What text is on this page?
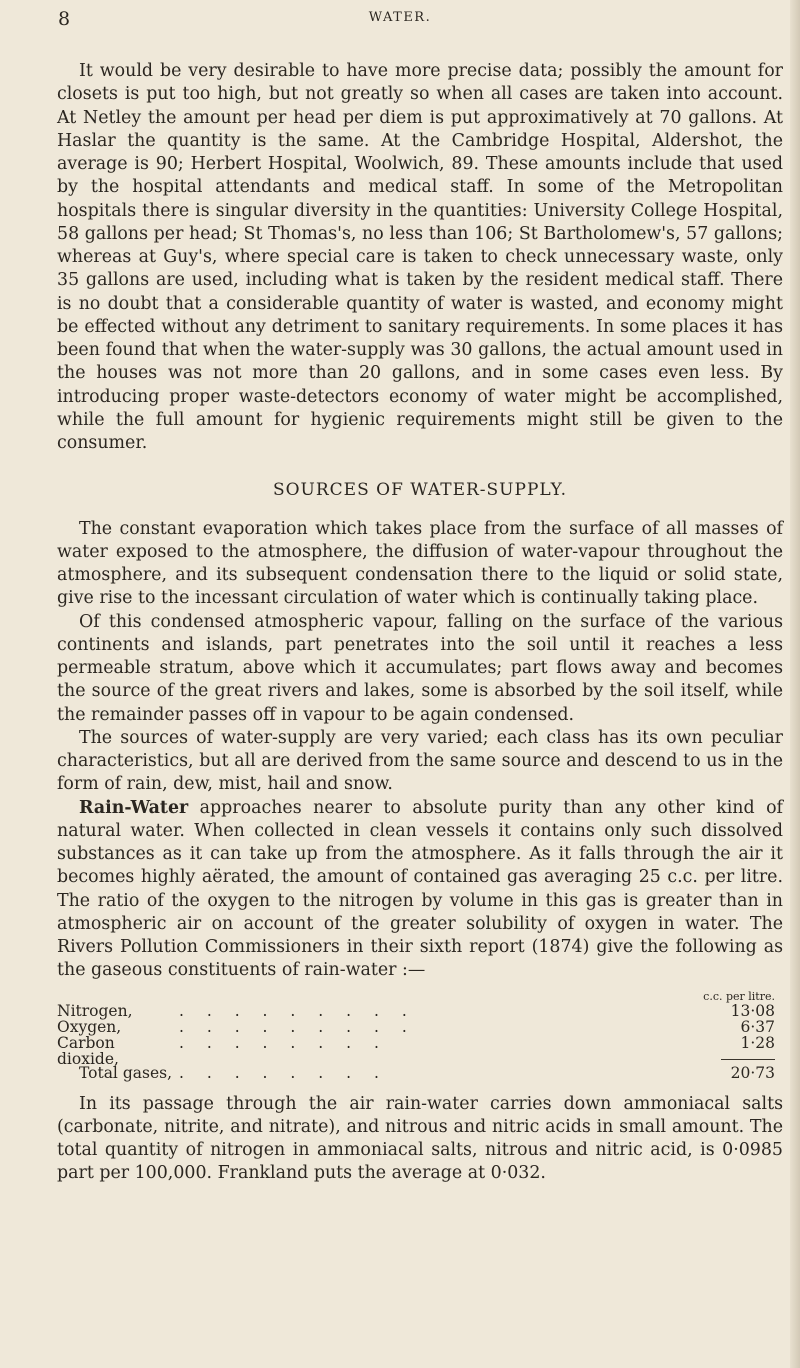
8	WATER.

It would be very desirable to have more precise data; possibly the amount for closets is put too high, but not greatly so when all cases are taken into account. At Netley the amount per head per diem is put approximatively at 70 gallons. At Haslar the quantity is the same. At the Cambridge Hospital, Aldershot, the average is 90; Herbert Hospital, Woolwich, 89. These amounts include that used by the hospital attendants and medical staff. In some of the Metropolitan hospitals there is singular diversity in the quantities: University College Hospital, 58 gallons per head; St Thomas's, no less than 106; St Bartholomew's, 57 gallons; whereas at Guy's, where special care is taken to check unnecessary waste, only 35 gallons are used, including what is taken by the resident medical staff. There is no doubt that a considerable quantity of water is wasted, and economy might be effected without any detriment to sanitary requirements. In some places it has been found that when the water-supply was 30 gallons, the actual amount used in the houses was not more than 20 gallons, and in some cases even less. By introducing proper waste-detectors economy of water might be accomplished, while the full amount for hygienic requirements might still be given to the consumer.

SOURCES OF WATER-SUPPLY.

The constant evaporation which takes place from the surface of all masses of water exposed to the atmosphere, the diffusion of water-vapour throughout the atmosphere, and its subsequent condensation there to the liquid or solid state, give rise to the incessant circulation of water which is continually taking place.

Of this condensed atmospheric vapour, falling on the surface of the various continents and islands, part penetrates into the soil until it reaches a less permeable stratum, above which it accumulates; part flows away and becomes the source of the great rivers and lakes, some is absorbed by the soil itself, while the remainder passes off in vapour to be again condensed.

The sources of water-supply are very varied; each class has its own peculiar characteristics, but all are derived from the same source and descend to us in the form of rain, dew, mist, hail and snow.

Rain-Water approaches nearer to absolute purity than any other kind of natural water. When collected in clean vessels it contains only such dissolved substances as it can take up from the atmosphere. As it falls through the air it becomes highly aërated, the amount of contained gas averaging 25 c.c. per litre. The ratio of the oxygen to the nitrogen by volume in this gas is greater than in atmospheric air on account of the greater solubility of oxygen in water. The Rivers Pollution Commissioners in their sixth report (1874) give the following as the gaseous constituents of rain-water :—

c.c. per litre.
Nitrogen,	. . . . . . . . .	13·08
Oxygen,	. . . . . . . . .	6·37
Carbon dioxide,
. . . . . . . .	1·28
Total gases, . . . . . . . .	20·73

In its passage through the air rain-water carries down ammoniacal salts (carbonate, nitrite, and nitrate), and nitrous and nitric acids in small amount. The total quantity of nitrogen in ammoniacal salts, nitrous and nitric acid, is 0·0985 part per 100,000. Frankland puts the average at 0·032.
